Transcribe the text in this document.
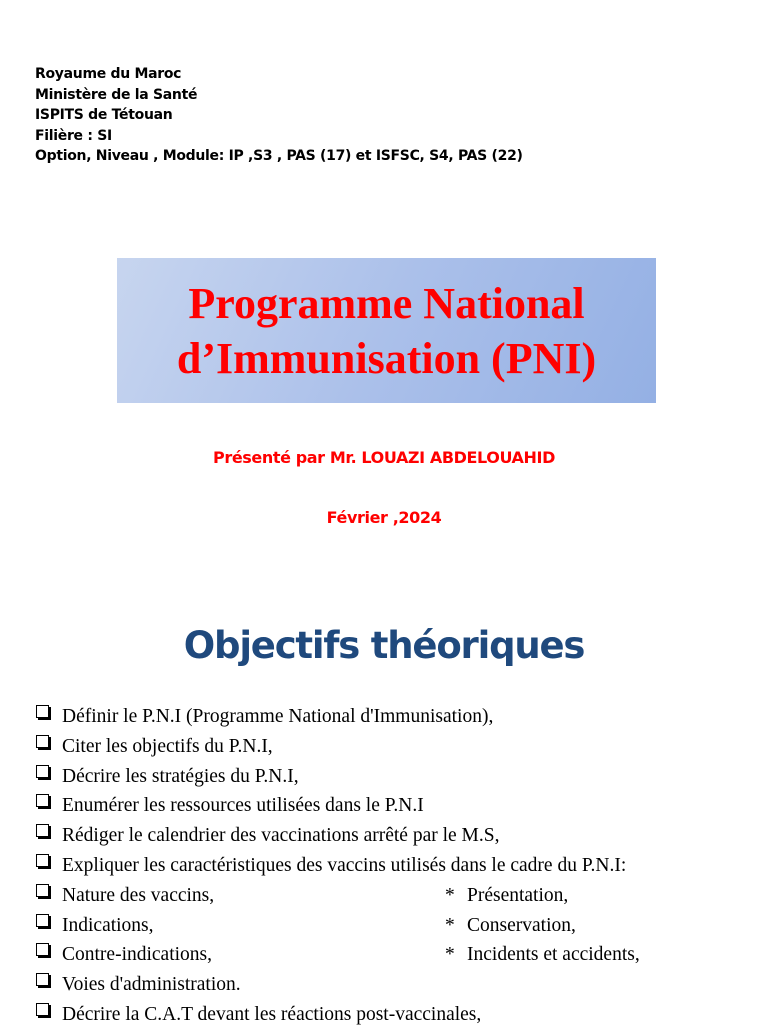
Royaume du Maroc
Ministère de la Santé
ISPITS de Tétouan
Filière : SI
Option, Niveau , Module: IP ,S3 , PAS (17) et ISFSC, S4, PAS (22)
Programme National
d’Immunisation (PNI)
Présenté par Mr. LOUAZI ABDELOUAHID
Février ,2024
Objectifs théoriques
Définir le P.N.I (Programme National d'Immunisation),
Citer les objectifs du P.N.I,
Décrire les stratégies du P.N.I,
Enumérer les ressources utilisées dans le P.N.I
Rédiger le calendrier des vaccinations arrêté par le M.S,
Expliquer les caractéristiques des vaccins utilisés dans le cadre du P.N.I:
Nature des vaccins,	* Présentation,
Indications,	* Conservation,
Contre-indications,	* Incidents et accidents,
Voies d'administration.
Décrire la C.A.T devant les réactions post-vaccinales,
